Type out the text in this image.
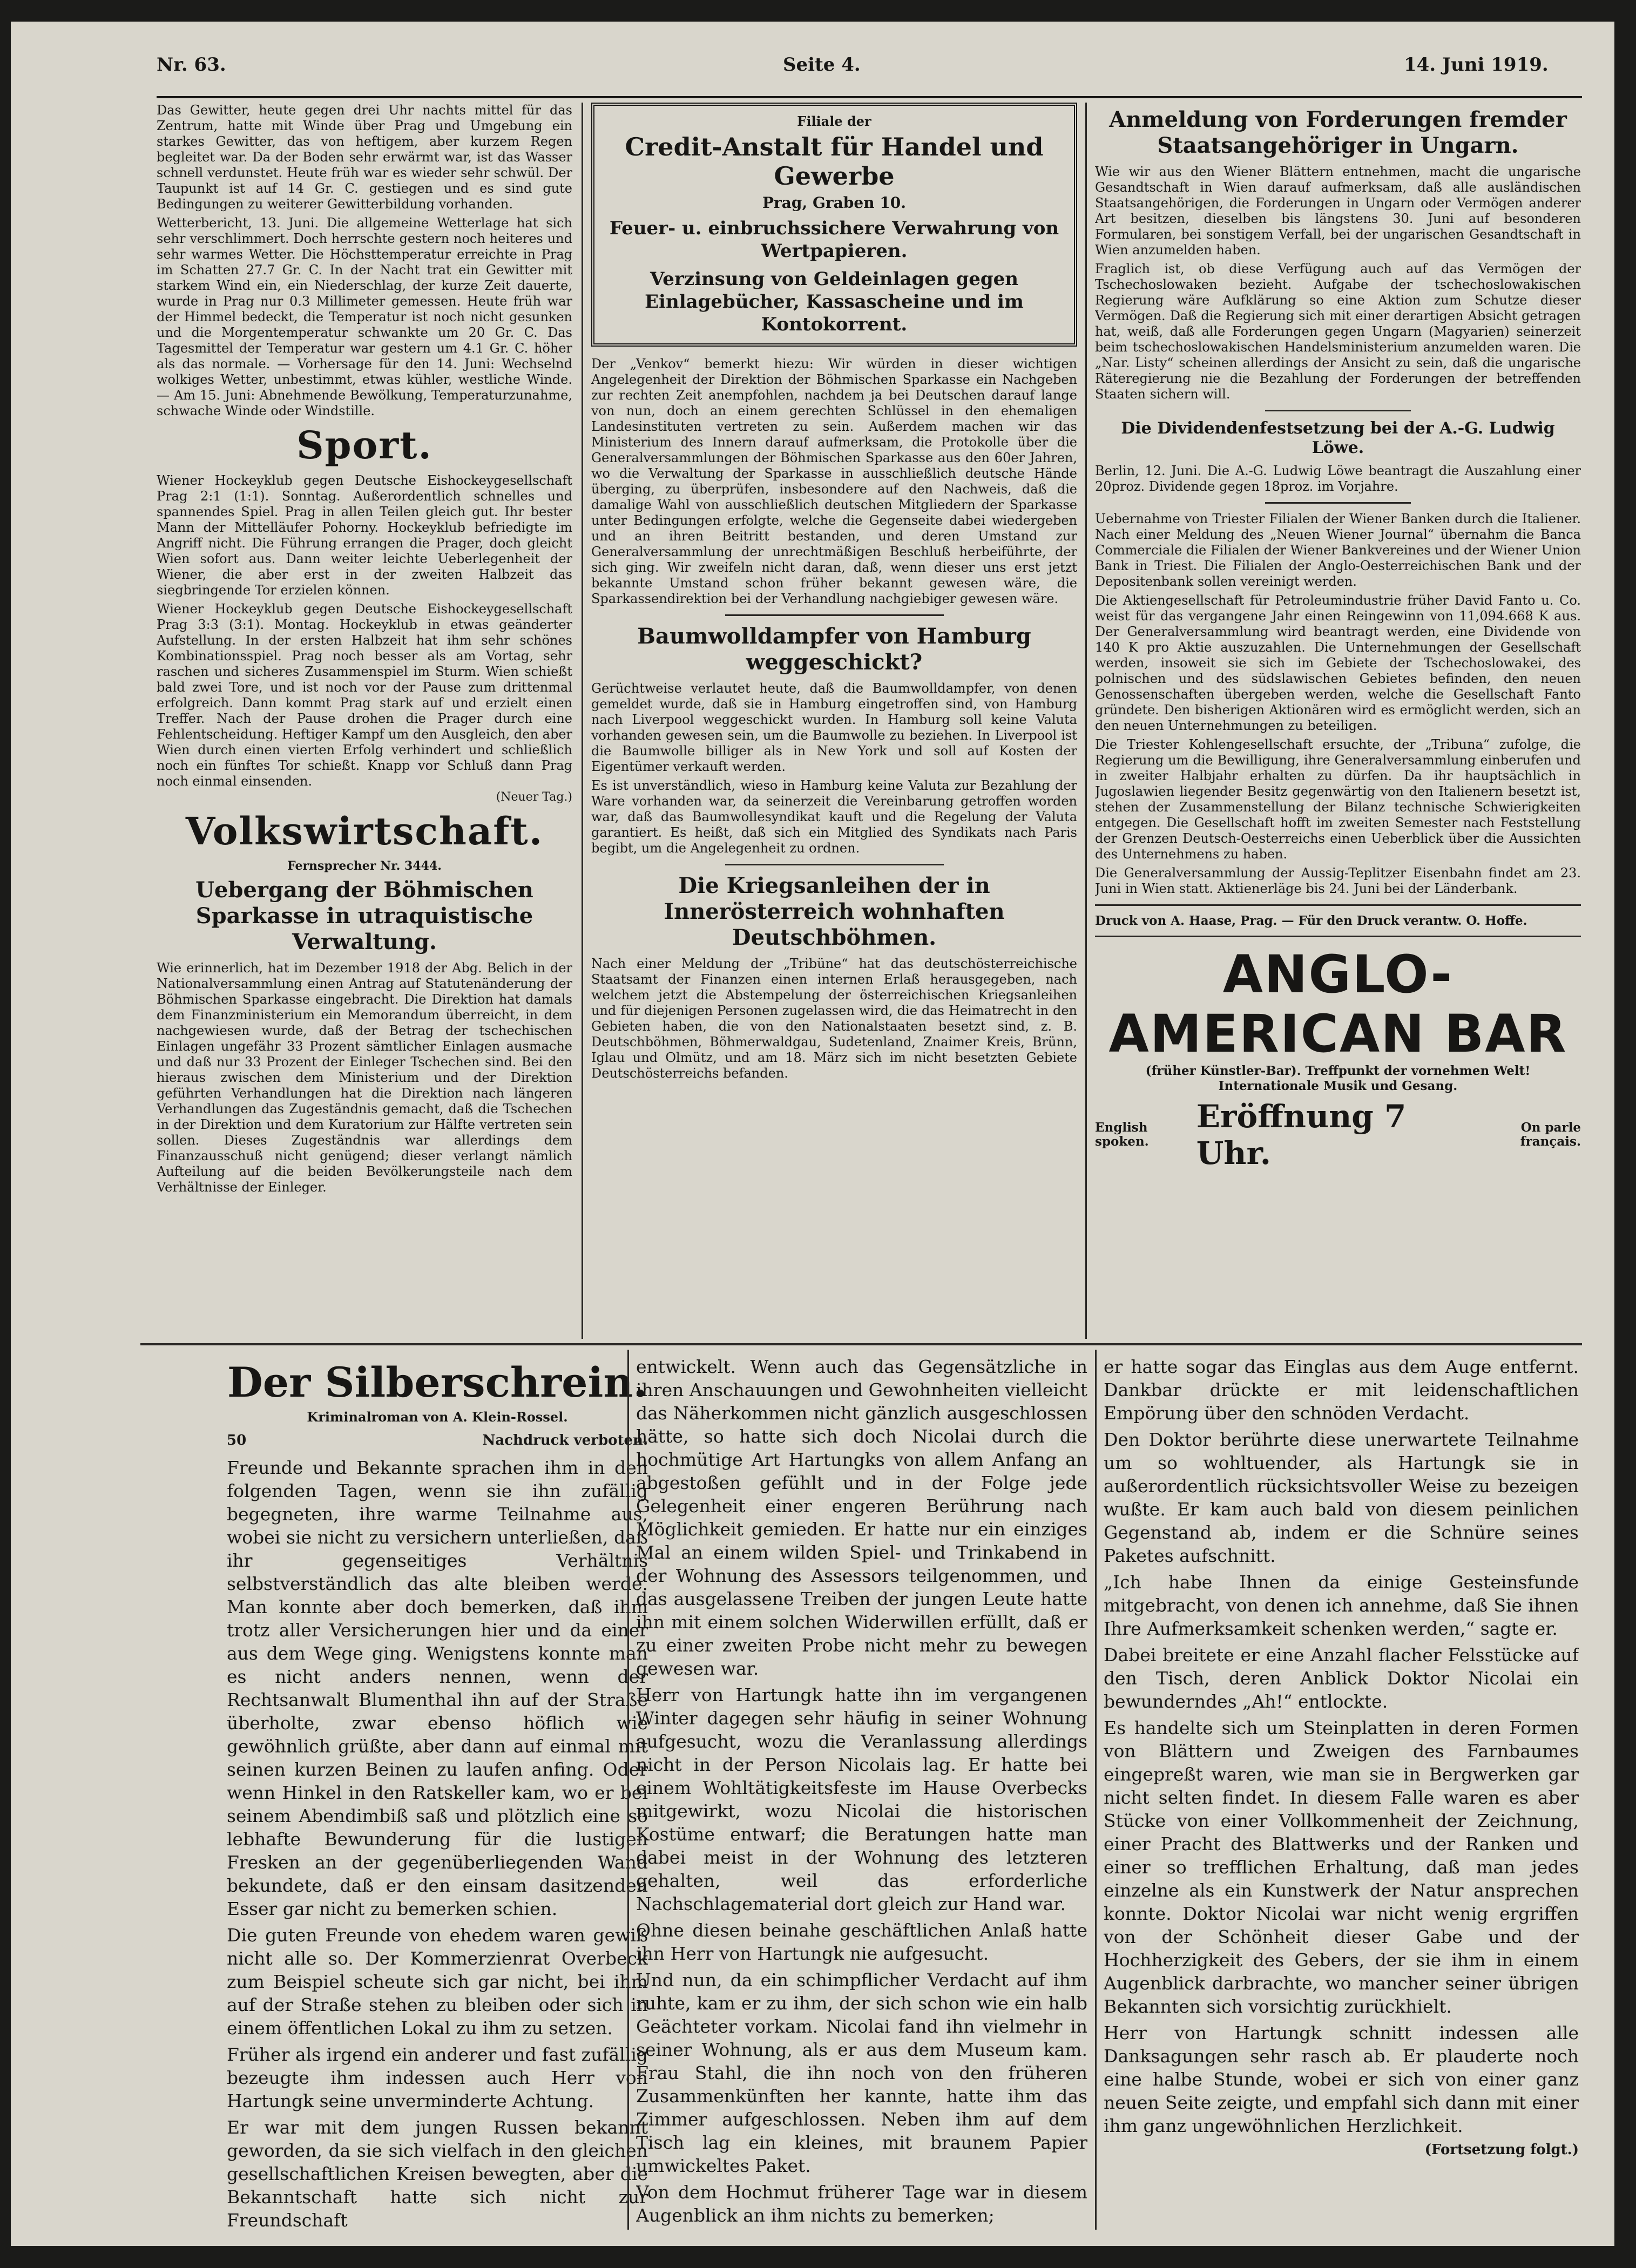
Nr. 63.	Seite 4.	14. Juni 1919.

Das Gewitter, heute gegen drei Uhr nachts mittel für das Zentrum, hatte mit Winde über Prag und Umgebung ein starkes Gewitter, das von heftigem, aber kurzem Regen begleitet war. Da der Boden sehr erwärmt war, ist das Wasser schnell verdunstet. Heute früh war es wieder sehr schwül. Der Taupunkt ist auf 14 Gr. C. gestiegen und es sind gute Bedingungen zu weiterer Gewitterbildung vorhanden.

Wetterbericht, 13. Juni. Die allgemeine Wetterlage hat sich sehr verschlimmert. Doch herrschte gestern noch heiteres und sehr warmes Wetter. Die Höchsttemperatur erreichte in Prag im Schatten 27.7 Gr. C. In der Nacht trat ein Gewitter mit starkem Wind ein, ein Niederschlag, der kurze Zeit dauerte, wurde in Prag nur 0.3 Millimeter gemessen. Heute früh war der Himmel bedeckt, die Temperatur ist noch nicht gesunken und die Morgentemperatur schwankte um 20 Gr. C. Das Tagesmittel der Temperatur war gestern um 4.1 Gr. C. höher als das normale. — Vorhersage für den 14. Juni: Wechselnd wolkiges Wetter, unbestimmt, etwas kühler, westliche Winde. — Am 15. Juni: Abnehmende Bewölkung, Temperaturzunahme, schwache Winde oder Windstille.

Sport.

Wiener Hockeyklub gegen Deutsche Eishockeygesellschaft Prag 2:1 (1:1). Sonntag. Außerordentlich schnelles und spannendes Spiel. Prag in allen Teilen gleich gut. Ihr bester Mann der Mittelläufer Pohorny. Hockeyklub befriedigte im Angriff nicht. Die Führung errangen die Prager, doch gleicht Wien sofort aus. Dann weiter leichte Ueberlegenheit der Wiener, die aber erst in der zweiten Halbzeit das siegbringende Tor erzielen können.

Wiener Hockeyklub gegen Deutsche Eishockeygesellschaft Prag 3:3 (3:1). Montag. Hockeyklub in etwas geänderter Aufstellung. In der ersten Halbzeit hat ihm sehr schönes Kombinationsspiel. Prag noch besser als am Vortag, sehr raschen und sicheres Zusammenspiel im Sturm. Wien schießt bald zwei Tore, und ist noch vor der Pause zum drittenmal erfolgreich. Dann kommt Prag stark auf und erzielt einen Treffer. Nach der Pause drohen die Prager durch eine Fehlentscheidung. Heftiger Kampf um den Ausgleich, den aber Wien durch einen vierten Erfolg verhindert und schließlich noch ein fünftes Tor schießt. Knapp vor Schluß dann Prag noch einmal einsenden.

(Neuer Tag.)
Volkswirtschaft.
Fernsprecher Nr. 3444.
Uebergang der Böhmischen Sparkasse in utraquistische Verwaltung.

Wie erinnerlich, hat im Dezember 1918 der Abg. Belich in der Nationalversammlung einen Antrag auf Statutenänderung der Böhmischen Sparkasse eingebracht. Die Direktion hat damals dem Finanzministerium ein Memorandum überreicht, in dem nachgewiesen wurde, daß der Betrag der tschechischen Einlagen ungefähr 33 Prozent sämtlicher Einlagen ausmache und daß nur 33 Prozent der Einleger Tschechen sind. Bei den hieraus zwischen dem Ministerium und der Direktion geführten Verhandlungen hat die Direktion nach längeren Verhandlungen das Zugeständnis gemacht, daß die Tschechen in der Direktion und dem Kuratorium zur Hälfte vertreten sein sollen. Dieses Zugeständnis war allerdings dem Finanzausschuß nicht genügend; dieser verlangt nämlich Aufteilung auf die beiden Bevölkerungsteile nach dem Verhältnisse der Einleger.

Filiale der
Credit-Anstalt für Handel und Gewerbe
Prag, Graben 10.
Feuer- u. einbruchssichere Verwahrung von Wertpapieren.
Verzinsung von Geldeinlagen gegen Einlagebücher, Kassascheine und im Kontokorrent.

Der „Venkov“ bemerkt hiezu: Wir würden in dieser wichtigen Angelegenheit der Direktion der Böhmischen Sparkasse ein Nachgeben zur rechten Zeit anempfohlen, nachdem ja bei Deutschen darauf lange von nun, doch an einem gerechten Schlüssel in den ehemaligen Landesinstituten vertreten zu sein. Außerdem machen wir das Ministerium des Innern darauf aufmerksam, die Protokolle über die Generalversammlungen der Böhmischen Sparkasse aus den 60er Jahren, wo die Verwaltung der Sparkasse in ausschließlich deutsche Hände überging, zu überprüfen, insbesondere auf den Nachweis, daß die damalige Wahl von ausschließlich deutschen Mitgliedern der Sparkasse unter Bedingungen erfolgte, welche die Gegenseite dabei wiedergeben und an ihren Beitritt bestanden, und deren Umstand zur Generalversammlung der unrechtmäßigen Beschluß herbeiführte, der sich ging. Wir zweifeln nicht daran, daß, wenn dieser uns erst jetzt bekannte Umstand schon früher bekannt gewesen wäre, die Sparkassendirektion bei der Verhandlung nachgiebiger gewesen wäre.

Baumwolldampfer von Hamburg weggeschickt?

Gerüchtweise verlautet heute, daß die Baumwolldampfer, von denen gemeldet wurde, daß sie in Hamburg eingetroffen sind, von Hamburg nach Liverpool weggeschickt wurden. In Hamburg soll keine Valuta vorhanden gewesen sein, um die Baumwolle zu beziehen. In Liverpool ist die Baumwolle billiger als in New York und soll auf Kosten der Eigentümer verkauft werden.

Es ist unverständlich, wieso in Hamburg keine Valuta zur Bezahlung der Ware vorhanden war, da seinerzeit die Vereinbarung getroffen worden war, daß das Baumwollesyndikat kauft und die Regelung der Valuta garantiert. Es heißt, daß sich ein Mitglied des Syndikats nach Paris begibt, um die Angelegenheit zu ordnen.

Die Kriegsanleihen der in Innerösterreich wohnhaften Deutschböhmen.

Nach einer Meldung der „Tribüne“ hat das deutschösterreichische Staatsamt der Finanzen einen internen Erlaß herausgegeben, nach welchem jetzt die Abstempelung der österreichischen Kriegsanleihen und für diejenigen Personen zugelassen wird, die das Heimatrecht in den Gebieten haben, die von den Nationalstaaten besetzt sind, z. B. Deutschböhmen, Böhmerwaldgau, Sudetenland, Znaimer Kreis, Brünn, Iglau und Olmütz, und am 18. März sich im nicht besetzten Gebiete Deutschösterreichs befanden.

Anmeldung von Forderungen fremder Staatsangehöriger in Ungarn.

Wie wir aus den Wiener Blättern entnehmen, macht die ungarische Gesandtschaft in Wien darauf aufmerksam, daß alle ausländischen Staatsangehörigen, die Forderungen in Ungarn oder Vermögen anderer Art besitzen, dieselben bis längstens 30. Juni auf besonderen Formularen, bei sonstigem Verfall, bei der ungarischen Gesandtschaft in Wien anzumelden haben.

Fraglich ist, ob diese Verfügung auch auf das Vermögen der Tschechoslowaken bezieht. Aufgabe der tschechoslowakischen Regierung wäre Aufklärung so eine Aktion zum Schutze dieser Vermögen. Daß die Regierung sich mit einer derartigen Absicht getragen hat, weiß, daß alle Forderungen gegen Ungarn (Magyarien) seinerzeit beim tschechoslowakischen Handelsministerium anzumelden waren. Die „Nar. Listy“ scheinen allerdings der Ansicht zu sein, daß die ungarische Räteregierung nie die Bezahlung der Forderungen der betreffenden Staaten sichern will.

Die Dividendenfestsetzung bei der A.-G. Ludwig Löwe.

Berlin, 12. Juni. Die A.-G. Ludwig Löwe beantragt die Auszahlung einer 20proz. Dividende gegen 18proz. im Vorjahre.

Uebernahme von Triester Filialen der Wiener Banken durch die Italiener. Nach einer Meldung des „Neuen Wiener Journal“ übernahm die Banca Commerciale die Filialen der Wiener Bankvereines und der Wiener Union Bank in Triest. Die Filialen der Anglo-Oesterreichischen Bank und der Depositenbank sollen vereinigt werden.

Die Aktiengesellschaft für Petroleumindustrie früher David Fanto u. Co. weist für das vergangene Jahr einen Reingewinn von 11,094.668 K aus. Der Generalversammlung wird beantragt werden, eine Dividende von 140 K pro Aktie auszuzahlen. Die Unternehmungen der Gesellschaft werden, insoweit sie sich im Gebiete der Tschechoslowakei, des polnischen und des südslawischen Gebietes befinden, den neuen Genossenschaften übergeben werden, welche die Gesellschaft Fanto gründete. Den bisherigen Aktionären wird es ermöglicht werden, sich an den neuen Unternehmungen zu beteiligen.

Die Triester Kohlengesellschaft ersuchte, der „Tribuna“ zufolge, die Regierung um die Bewilligung, ihre Generalversammlung einberufen und in zweiter Halbjahr erhalten zu dürfen. Da ihr hauptsächlich in Jugoslawien liegender Besitz gegenwärtig von den Italienern besetzt ist, stehen der Zusammenstellung der Bilanz technische Schwierigkeiten entgegen. Die Gesellschaft hofft im zweiten Semester nach Feststellung der Grenzen Deutsch-Oesterreichs einen Ueberblick über die Aussichten des Unternehmens zu haben.

Die Generalversammlung der Aussig-Teplitzer Eisenbahn findet am 23. Juni in Wien statt. Aktienerläge bis 24. Juni bei der Länderbank.

Druck von A. Haase, Prag. — Für den Druck verantw. O. Hoffe.
ANGLO-AMERICAN BAR
(früher Künstler-Bar). Treffpunkt der vornehmen Welt! Internationale Musik und Gesang.
English spoken.
Eröffnung 7 Uhr.
On parle français.
Der Silberschrein.
Kriminalroman von A. Klein-Rossel.
50	Nachdruck verboten.

Freunde und Bekannte sprachen ihm in den folgenden Tagen, wenn sie ihn zufällig begegneten, ihre warme Teilnahme aus, wobei sie nicht zu versichern unterließen, daß ihr gegenseitiges Verhältnis selbstverständlich das alte bleiben werde. Man konnte aber doch bemerken, daß ihm trotz aller Versicherungen hier und da einer aus dem Wege ging. Wenigstens konnte man es nicht anders nennen, wenn der Rechtsanwalt Blumenthal ihn auf der Straße überholte, zwar ebenso höflich wie gewöhnlich grüßte, aber dann auf einmal mit seinen kurzen Beinen zu laufen anfing. Oder wenn Hinkel in den Ratskeller kam, wo er bei seinem Abendimbiß saß und plötzlich eine so lebhafte Bewunderung für die lustigen Fresken an der gegenüberliegenden Wand bekundete, daß er den einsam dasitzenden Esser gar nicht zu bemerken schien.

Die guten Freunde von ehedem waren gewiß nicht alle so. Der Kommerzienrat Overbeck zum Beispiel scheute sich gar nicht, bei ihm auf der Straße stehen zu bleiben oder sich in einem öffentlichen Lokal zu ihm zu setzen.

Früher als irgend ein anderer und fast zufällig bezeugte ihm indessen auch Herr von Hartungk seine unverminderte Achtung.

Er war mit dem jungen Russen bekannt geworden, da sie sich vielfach in den gleichen gesellschaftlichen Kreisen bewegten, aber die Bekanntschaft hatte sich nicht zur Freundschaft

entwickelt. Wenn auch das Gegensätzliche in ihren Anschauungen und Gewohnheiten vielleicht das Näherkommen nicht gänzlich ausgeschlossen hätte, so hatte sich doch Nicolai durch die hochmütige Art Hartungks von allem Anfang an abgestoßen gefühlt und in der Folge jede Gelegenheit einer engeren Berührung nach Möglichkeit gemieden. Er hatte nur ein einziges Mal an einem wilden Spiel- und Trinkabend in der Wohnung des Assessors teilgenommen, und das ausgelassene Treiben der jungen Leute hatte ihn mit einem solchen Widerwillen erfüllt, daß er zu einer zweiten Probe nicht mehr zu bewegen gewesen war.

Herr von Hartungk hatte ihn im vergangenen Winter dagegen sehr häufig in seiner Wohnung aufgesucht, wozu die Veranlassung allerdings nicht in der Person Nicolais lag. Er hatte bei einem Wohltätigkeitsfeste im Hause Overbecks mitgewirkt, wozu Nicolai die historischen Kostüme entwarf; die Beratungen hatte man dabei meist in der Wohnung des letzteren gehalten, weil das erforderliche Nachschlagematerial dort gleich zur Hand war.

Ohne diesen beinahe geschäftlichen Anlaß hatte ihn Herr von Hartungk nie aufgesucht.

Und nun, da ein schimpflicher Verdacht auf ihm ruhte, kam er zu ihm, der sich schon wie ein halb Geächteter vorkam. Nicolai fand ihn vielmehr in seiner Wohnung, als er aus dem Museum kam. Frau Stahl, die ihn noch von den früheren Zusammenkünften her kannte, hatte ihm das Zimmer aufgeschlossen. Neben ihm auf dem Tisch lag ein kleines, mit braunem Papier umwickeltes Paket.

Von dem Hochmut früherer Tage war in diesem Augenblick an ihm nichts zu bemerken;

er hatte sogar das Einglas aus dem Auge entfernt. Dankbar drückte er mit leidenschaftlichen Empörung über den schnöden Verdacht.

Den Doktor berührte diese unerwartete Teilnahme um so wohltuender, als Hartungk sie in außerordentlich rücksichtsvoller Weise zu bezeigen wußte. Er kam auch bald von diesem peinlichen Gegenstand ab, indem er die Schnüre seines Paketes aufschnitt.

„Ich habe Ihnen da einige Gesteinsfunde mitgebracht, von denen ich annehme, daß Sie ihnen Ihre Aufmerksamkeit schenken werden,“ sagte er.

Dabei breitete er eine Anzahl flacher Felsstücke auf den Tisch, deren Anblick Doktor Nicolai ein bewunderndes „Ah!“ entlockte.

Es handelte sich um Steinplatten in deren Formen von Blättern und Zweigen des Farnbaumes eingepreßt waren, wie man sie in Bergwerken gar nicht selten findet. In diesem Falle waren es aber Stücke von einer Vollkommenheit der Zeichnung, einer Pracht des Blattwerks und der Ranken und einer so trefflichen Erhaltung, daß man jedes einzelne als ein Kunstwerk der Natur ansprechen konnte. Doktor Nicolai war nicht wenig ergriffen von der Schönheit dieser Gabe und der Hochherzigkeit des Gebers, der sie ihm in einem Augenblick darbrachte, wo mancher seiner übrigen Bekannten sich vorsichtig zurückhielt.

Herr von Hartungk schnitt indessen alle Danksagungen sehr rasch ab. Er plauderte noch eine halbe Stunde, wobei er sich von einer ganz neuen Seite zeigte, und empfahl sich dann mit einer ihm ganz ungewöhnlichen Herzlichkeit.

(Fortsetzung folgt.)
